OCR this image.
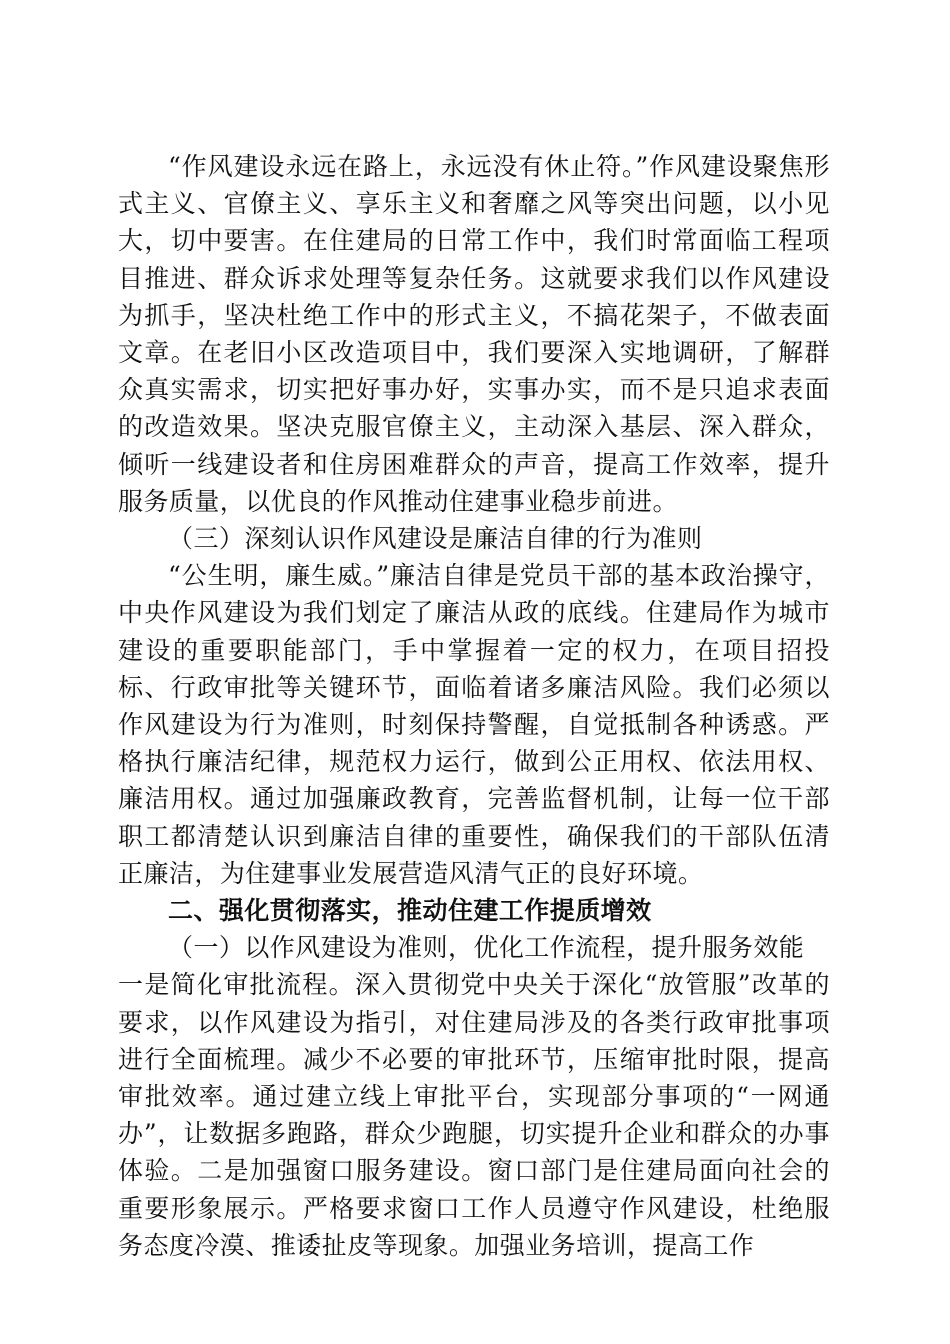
“作风建设永远在路上，永远没有休止符。”作风建设聚焦形式主义、官僚主义、享乐主义和奢靡之风等突出问题，以小见大，切中要害。在住建局的日常工作中，我们时常面临工程项目推进、群众诉求处理等复杂任务。这就要求我们以作风建设为抓手，坚决杜绝工作中的形式主义，不搞花架子，不做表面文章。在老旧小区改造项目中，我们要深入实地调研，了解群众真实需求，切实把好事办好，实事办实，而不是只追求表面的改造效果。坚决克服官僚主义，主动深入基层、深入群众，倾听一线建设者和住房困难群众的声音，提高工作效率，提升服务质量，以优良的作风推动住建事业稳步前进。

（三）深刻认识作风建设是廉洁自律的行为准则

“公生明，廉生威。”廉洁自律是党员干部的基本政治操守，中央作风建设为我们划定了廉洁从政的底线。住建局作为城市建设的重要职能部门，手中掌握着一定的权力，在项目招投标、行政审批等关键环节，面临着诸多廉洁风险。我们必须以作风建设为行为准则，时刻保持警醒，自觉抵制各种诱惑。严格执行廉洁纪律，规范权力运行，做到公正用权、依法用权、廉洁用权。通过加强廉政教育，完善监督机制，让每一位干部职工都清楚认识到廉洁自律的重要性，确保我们的干部队伍清正廉洁，为住建事业发展营造风清气正的良好环境。

二、强化贯彻落实，推动住建工作提质增效

（一）以作风建设为准则，优化工作流程，提升服务效能

一是简化审批流程。深入贯彻党中央关于深化“放管服”改革的要求，以作风建设为指引，对住建局涉及的各类行政审批事项进行全面梳理。减少不必要的审批环节，压缩审批时限，提高审批效率。通过建立线上审批平台，实现部分事项的“一网通办”，让数据多跑路，群众少跑腿，切实提升企业和群众的办事体验。二是加强窗口服务建设。窗口部门是住建局面向社会的重要形象展示。严格要求窗口工作人员遵守作风建设，杜绝服务态度冷漠、推诿扯皮等现象。加强业务培训，提高工作
